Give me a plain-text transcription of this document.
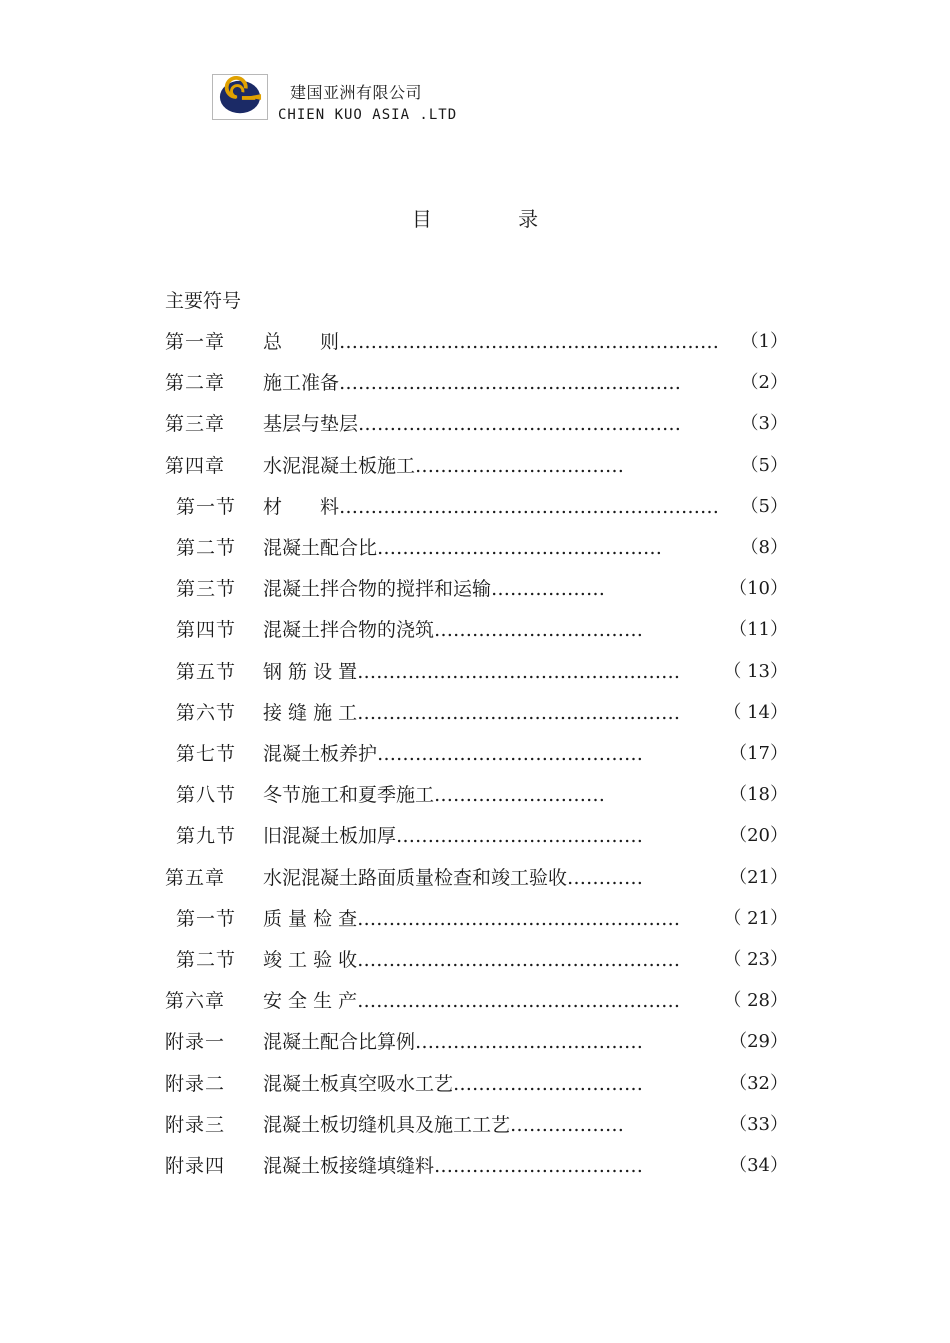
建国亚洲有限公司
CHIEN KUO ASIA .LTD
目 录
主要符号
第一章 总　　则…………………………………………………… （1）
第二章 施工准备………………………………………………	（2）
第三章 基层与垫层……………………………………………	（3）
第四章 水泥混凝土板施工……………………………	（5）
第一节 材　　料…………………………………………………… （5）
第二节 混凝土配合比………………………………………	（8）
第三节 混凝土拌合物的搅拌和运输………………	（10）
第四节 混凝土拌合物的浇筑……………………………	（11）
第五节 钢 筋 设 置…………………………………………… （ 13）
第六节 接 缝 施 工…………………………………………… （ 14）
第七节 混凝土板养护……………………………………	（17）
第八节 冬节施工和夏季施工………………………	（18）
第九节 旧混凝土板加厚…………………………………	（20）
第五章 水泥混凝土路面质量检查和竣工验收…………	（21）
第一节 质 量 检 查…………………………………………… （ 21）
第二节 竣 工 验 收…………………………………………… （ 23）
第六章 安 全 生 产…………………………………………… （ 28）
附录一 混凝土配合比算例………………………………	（29）
附录二 混凝土板真空吸水工艺…………………………	（32）
附录三 混凝土板切缝机具及施工工艺………………	（33）
附录四 混凝土板接缝填缝料……………………………	（34）
